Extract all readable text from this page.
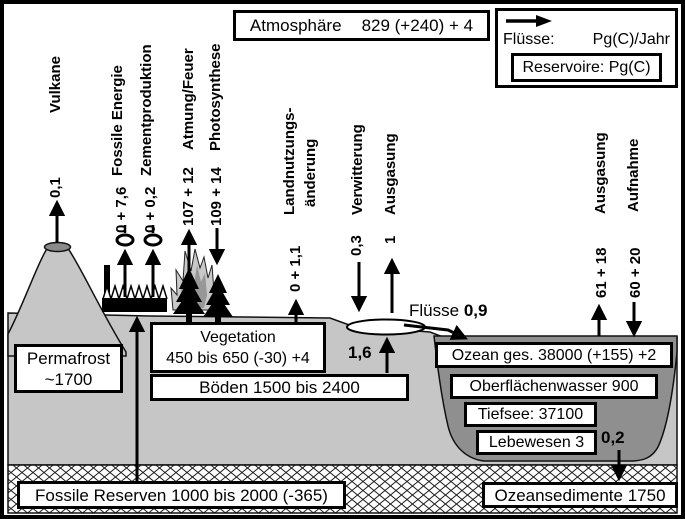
Vulkane
0,1
Fossile Energie
0 + 7,6
Zementproduktion
0 + 0,2
Atmung/Feuer
107 + 12
Photosynthese
109 + 14	Landnutzungs- änderung
0 + 1,1
Verwitterung
0,3
Ausgasung
1
Ausgasung
61 + 18
Aufnahme
60 + 20
Flüsse 0,9
1,6
0,2
Atmosphäre 829 (+240) + 4
Flüsse: Pg(C)/Jahr
Reservoire: Pg(C)
Permafrost
~1700
Vegetation
450 bis 650 (-30) +4
Böden 1500 bis 2400
Ozean ges. 38000 (+155) +2
Oberflächenwasser 900
Tiefsee: 37100
Lebewesen 3
Ozeansedimente 1750
Fossile Reserven 1000 bis 2000 (-365)
